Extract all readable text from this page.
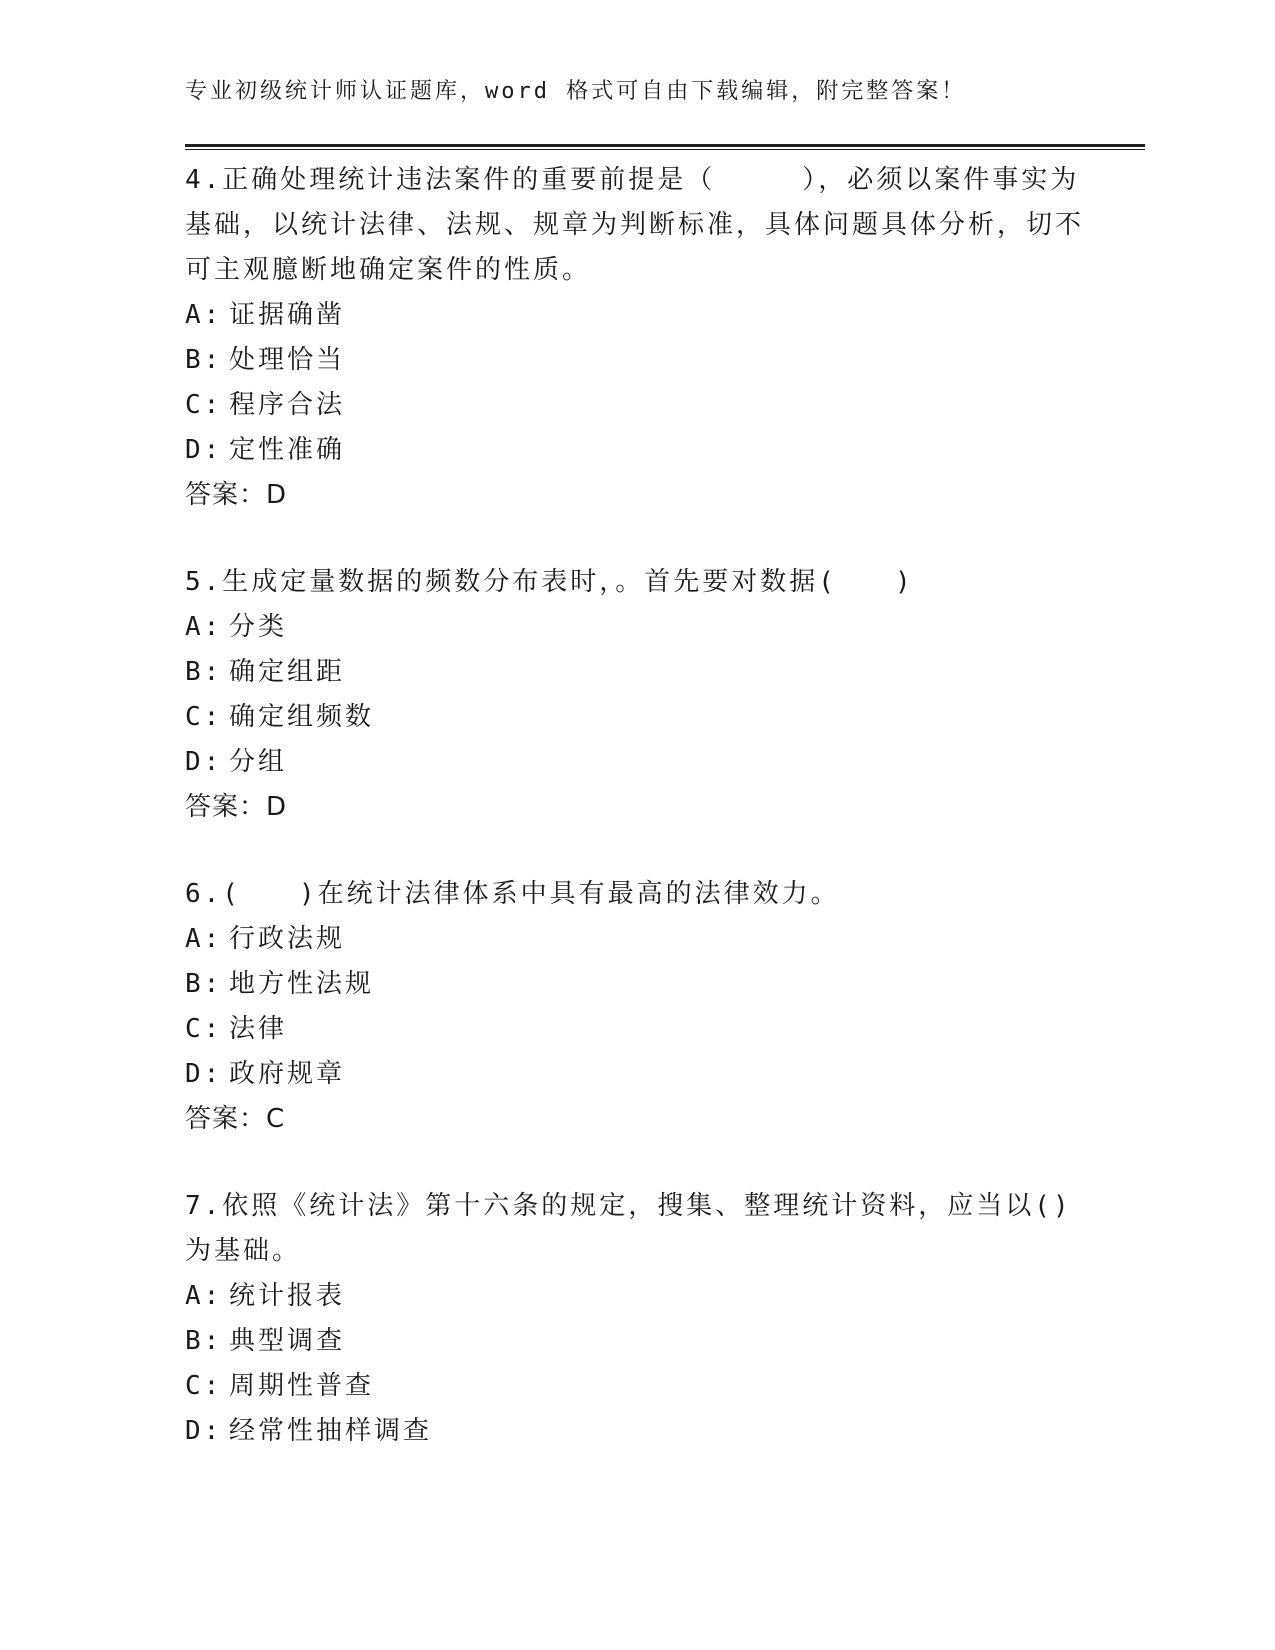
专业初级统计师认证题库，word 格式可自由下载编辑，附完整答案！
4.正确处理统计违法案件的重要前提是（　　　），必须以案件事实为基础，以统计法律、法规、规章为判断标准，具体问题具体分析，切不可主观臆断地确定案件的性质。
A: 证据确凿
B: 处理恰当
C: 程序合法
D: 定性准确
答案：D
5.生成定量数据的频数分布表时，。首先要对数据(　　)
A: 分类
B: 确定组距
C: 确定组频数
D: 分组
答案：D
6.(　　)在统计法律体系中具有最高的法律效力。
A: 行政法规
B: 地方性法规
C: 法律
D: 政府规章
答案：C
7.依照《统计法》第十六条的规定，搜集、整理统计资料，应当以()为基础。
A: 统计报表
B: 典型调查
C: 周期性普查
D: 经常性抽样调查
